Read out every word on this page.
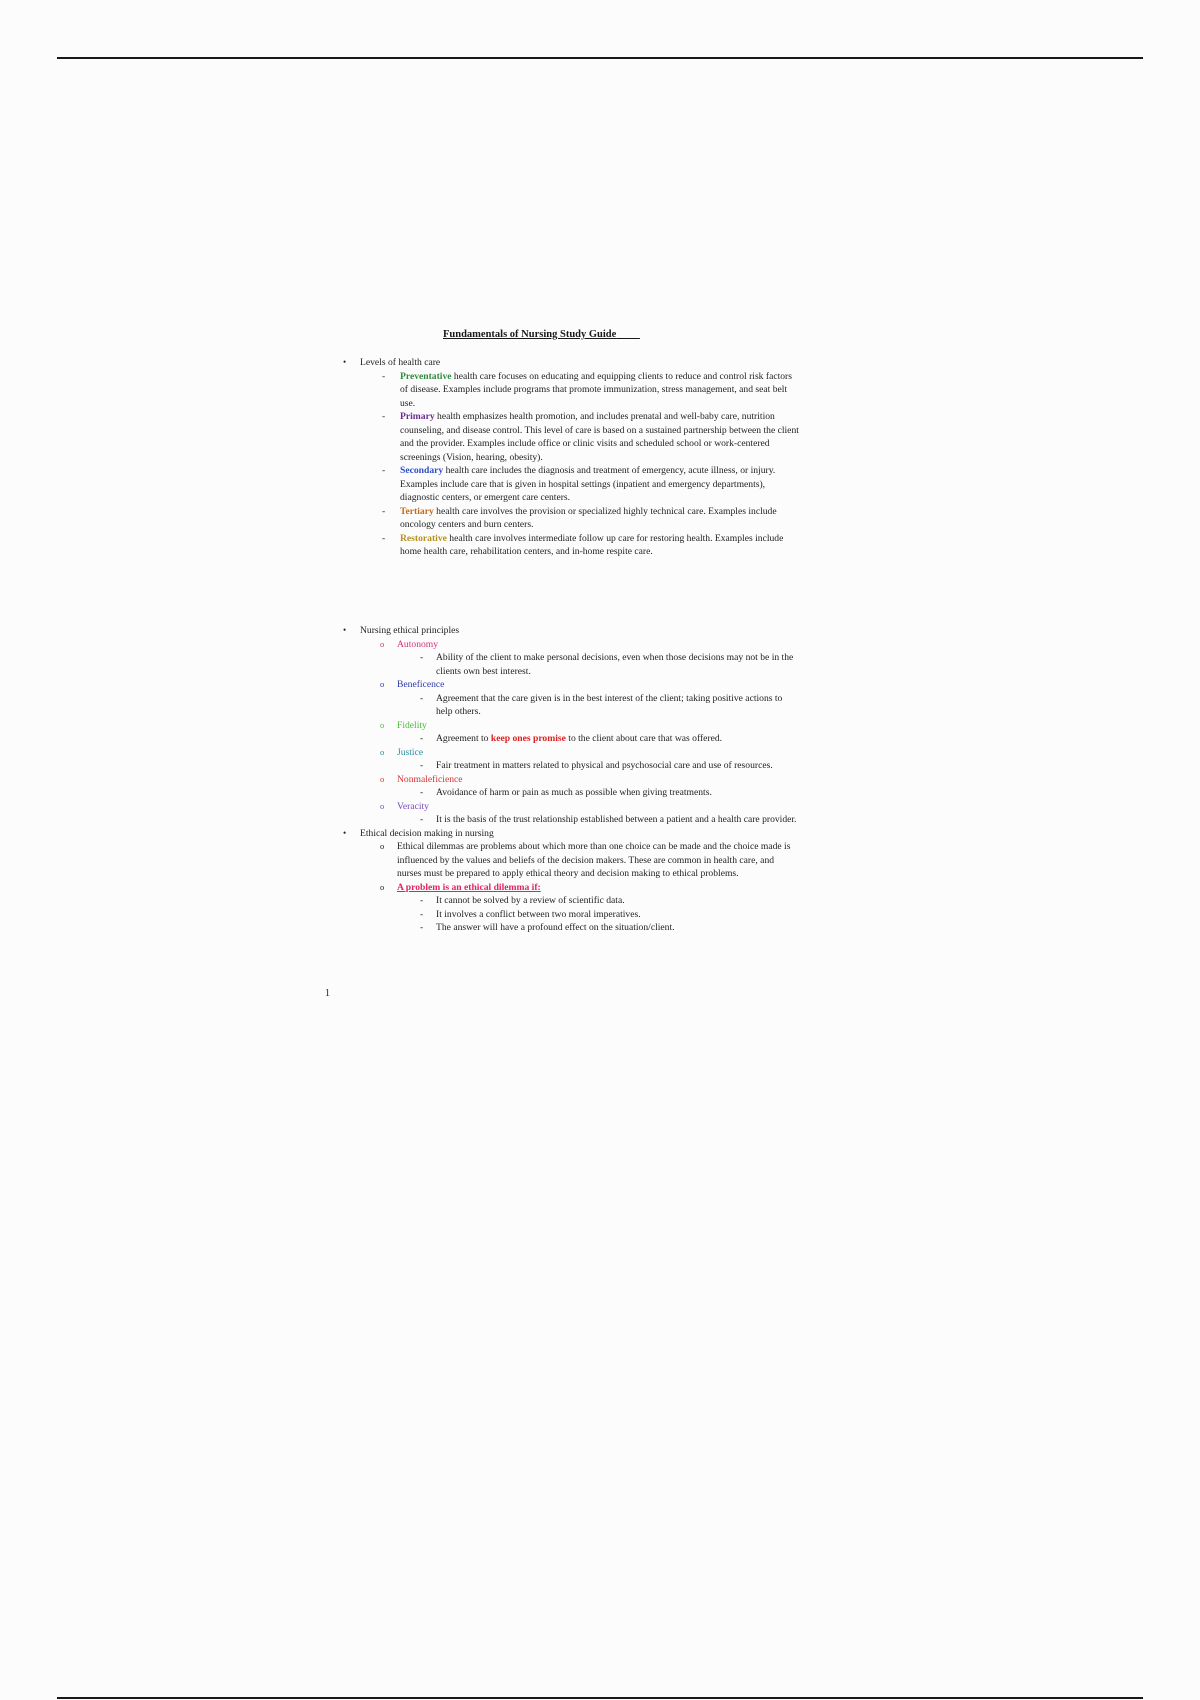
Fundamentals of Nursing Study Guide
• Levels of health care
- Preventative health care focuses on educating and equipping clients to reduce and control risk factors of disease. Examples include programs that promote immunization, stress management, and seat belt use.
- Primary health emphasizes health promotion, and includes prenatal and well-baby care, nutrition counseling, and disease control. This level of care is based on a sustained partnership between the client and the provider. Examples include office or clinic visits and scheduled school or work-centered screenings (Vision, hearing, obesity).
- Secondary health care includes the diagnosis and treatment of emergency, acute illness, or injury. Examples include care that is given in hospital settings (inpatient and emergency departments), diagnostic centers, or emergent care centers.
- Tertiary health care involves the provision or specialized highly technical care. Examples include oncology centers and burn centers.
- Restorative health care involves intermediate follow up care for restoring health. Examples include home health care, rehabilitation centers, and in-home respite care.
• Nursing ethical principles
o Autonomy
- Ability of the client to make personal decisions, even when those decisions may not be in the clients own best interest.
o Beneficence
- Agreement that the care given is in the best interest of the client; taking positive actions to help others.
o Fidelity
- Agreement to keep ones promise to the client about care that was offered.
o Justice
- Fair treatment in matters related to physical and psychosocial care and use of resources.
o Nonmaleficience
- Avoidance of harm or pain as much as possible when giving treatments.
o Veracity
- It is the basis of the trust relationship established between a patient and a health care provider.
• Ethical decision making in nursing
o Ethical dilemmas are problems about which more than one choice can be made and the choice made is influenced by the values and beliefs of the decision makers. These are common in health care, and nurses must be prepared to apply ethical theory and decision making to ethical problems.
o A problem is an ethical dilemma if:
- It cannot be solved by a review of scientific data.
- It involves a conflict between two moral imperatives.
- The answer will have a profound effect on the situation/client.
1
